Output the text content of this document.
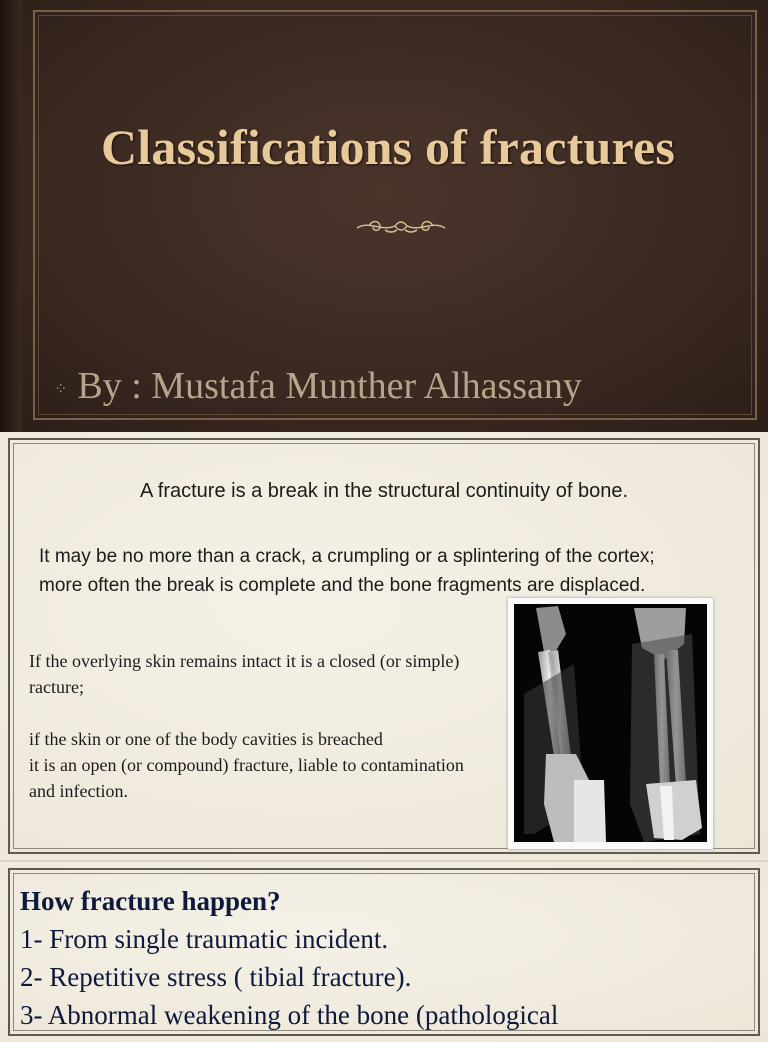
Classifications of fractures
⁘ By : Mustafa Munther Alhassany
A fracture is a break in the structural continuity of bone.
It may be no more than a crack, a crumpling or a splintering of the cortex; more often the break is complete and the bone fragments are displaced.

If the overlying skin remains intact it is a closed (or simple) racture;

if the skin or one of the body cavities is breached

it is an open (or compound) fracture, liable to contamination and infection.

How fracture happen?
1- From single traumatic incident.
2- Repetitive stress ( tibial fracture).
3- Abnormal weakening of the bone (pathological
